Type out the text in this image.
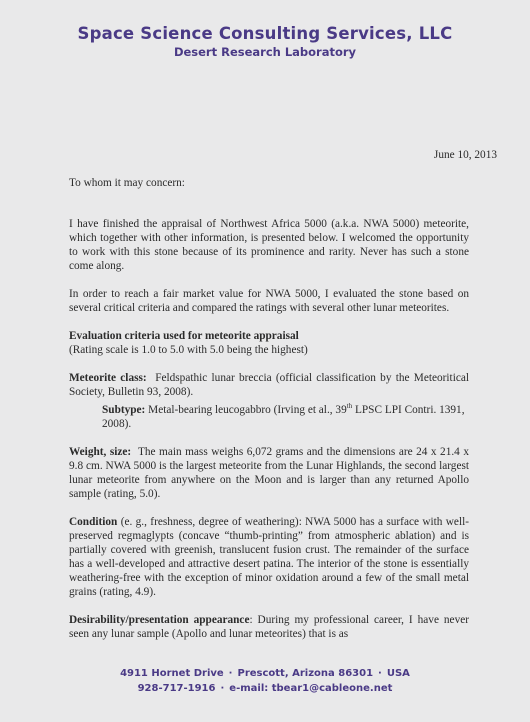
Space Science Consulting Services, LLC
Desert Research Laboratory
June 10, 2013
To whom it may concern:

I have finished the appraisal of Northwest Africa 5000 (a.k.a. NWA 5000) meteorite, which together with other information, is presented below. I welcomed the opportunity to work with this stone because of its prominence and rarity. Never has such a stone come along.

In order to reach a fair market value for NWA 5000, I evaluated the stone based on several critical criteria and compared the ratings with several other lunar meteorites.

Evaluation criteria used for meteorite appraisal
(Rating scale is 1.0 to 5.0 with 5.0 being the highest)

Meteorite class: Feldspathic lunar breccia (official classification by the Meteoritical Society, Bulletin 93, 2008).

Subtype: Metal-bearing leucogabbro (Irving et al., 39th LPSC LPI Contri. 1391, 2008).

Weight, size: The main mass weighs 6,072 grams and the dimensions are 24 x 21.4 x 9.8 cm. NWA 5000 is the largest meteorite from the Lunar Highlands, the second largest lunar meteorite from anywhere on the Moon and is larger than any returned Apollo sample (rating, 5.0).

Condition (e. g., freshness, degree of weathering): NWA 5000 has a surface with well-preserved regmaglypts (concave “thumb-printing” from atmospheric ablation) and is partially covered with greenish, translucent fusion crust. The remainder of the surface has a well-developed and attractive desert patina. The interior of the stone is essentially weathering-free with the exception of minor oxidation around a few of the small metal grains (rating, 4.9).

Desirability/presentation appearance: During my professional career, I have never seen any lunar sample (Apollo and lunar meteorites) that is as

4911 Hornet Drive · Prescott, Arizona 86301 · USA
928-717-1916 · e-mail: tbear1@cableone.net
